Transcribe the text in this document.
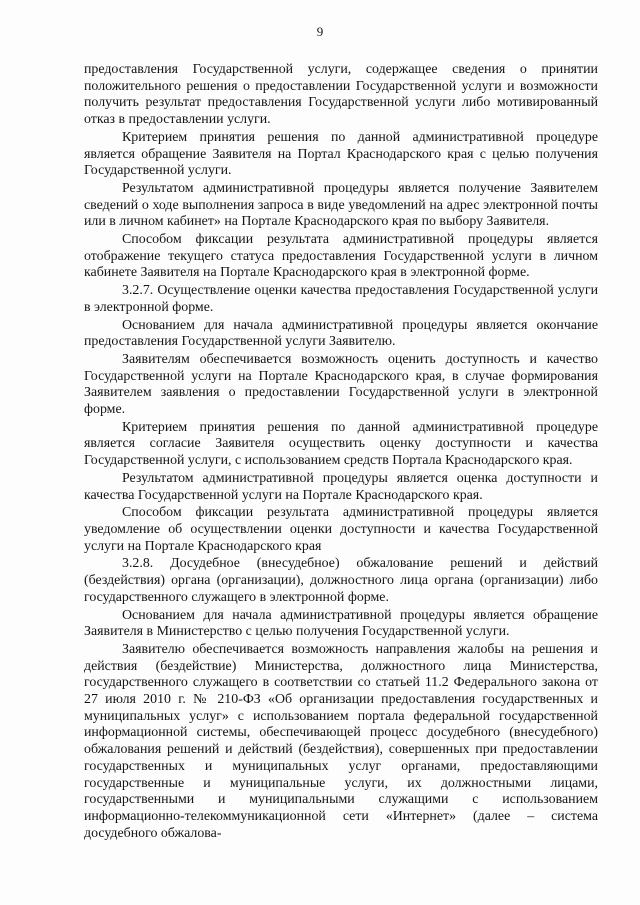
9

предоставления Государственной услуги, содержащее сведения о принятии положительного решения о предоставлении Государственной услуги и возможности получить результат предоставления Государственной услуги либо мотивированный отказ в предоставлении услуги.

Критерием принятия решения по данной административной процедуре является обращение Заявителя на Портал Краснодарского края с целью получения Государственной услуги.

Результатом административной процедуры является получение Заявителем сведений о ходе выполнения запроса в виде уведомлений на адрес электронной почты или в личном кабинет» на Портале Краснодарского края по выбору Заявителя.

Способом фиксации результата административной процедуры является отображение текущего статуса предоставления Государственной услуги в личном кабинете Заявителя на Портале Краснодарского края в электронной форме.

3.2.7. Осуществление оценки качества предоставления Государственной услуги в электронной форме.

Основанием для начала административной процедуры является окончание предоставления Государственной услуги Заявителю.

Заявителям обеспечивается возможность оценить доступность и качество Государственной услуги на Портале Краснодарского края, в случае формирования Заявителем заявления о предоставлении Государственной услуги в электронной форме.

Критерием принятия решения по данной административной процедуре является согласие Заявителя осуществить оценку доступности и качества Государственной услуги, с использованием средств Портала Краснодарского края.

Результатом административной процедуры является оценка доступности и качества Государственной услуги на Портале Краснодарского края.

Способом фиксации результата административной процедуры является уведомление об осуществлении оценки доступности и качества Государственной услуги на Портале Краснодарского края

3.2.8. Досудебное (внесудебное) обжалование решений и действий (бездействия) органа (организации), должностного лица органа (организации) либо государственного служащего в электронной форме.

Основанием для начала административной процедуры является обращение Заявителя в Министерство с целью получения Государственной услуги.

Заявителю обеспечивается возможность направления жалобы на решения и действия (бездействие) Министерства, должностного лица Министерства, государственного служащего в соответствии со статьей 11.2 Федерального закона от 27 июля 2010 г. № 210-ФЗ «Об организации предоставления государственных и муниципальных услуг» с использованием портала федеральной государственной информационной системы, обеспечивающей процесс досудебного (внесудебного) обжалования решений и действий (бездействия), совершенных при предоставлении государственных и муниципальных услуг органами, предоставляющими государственные и муниципальные услуги, их должностными лицами, государственными и муниципальными служащими с использованием информационно-телекоммуникационной сети «Интернет» (далее – система досудебного обжалова-
